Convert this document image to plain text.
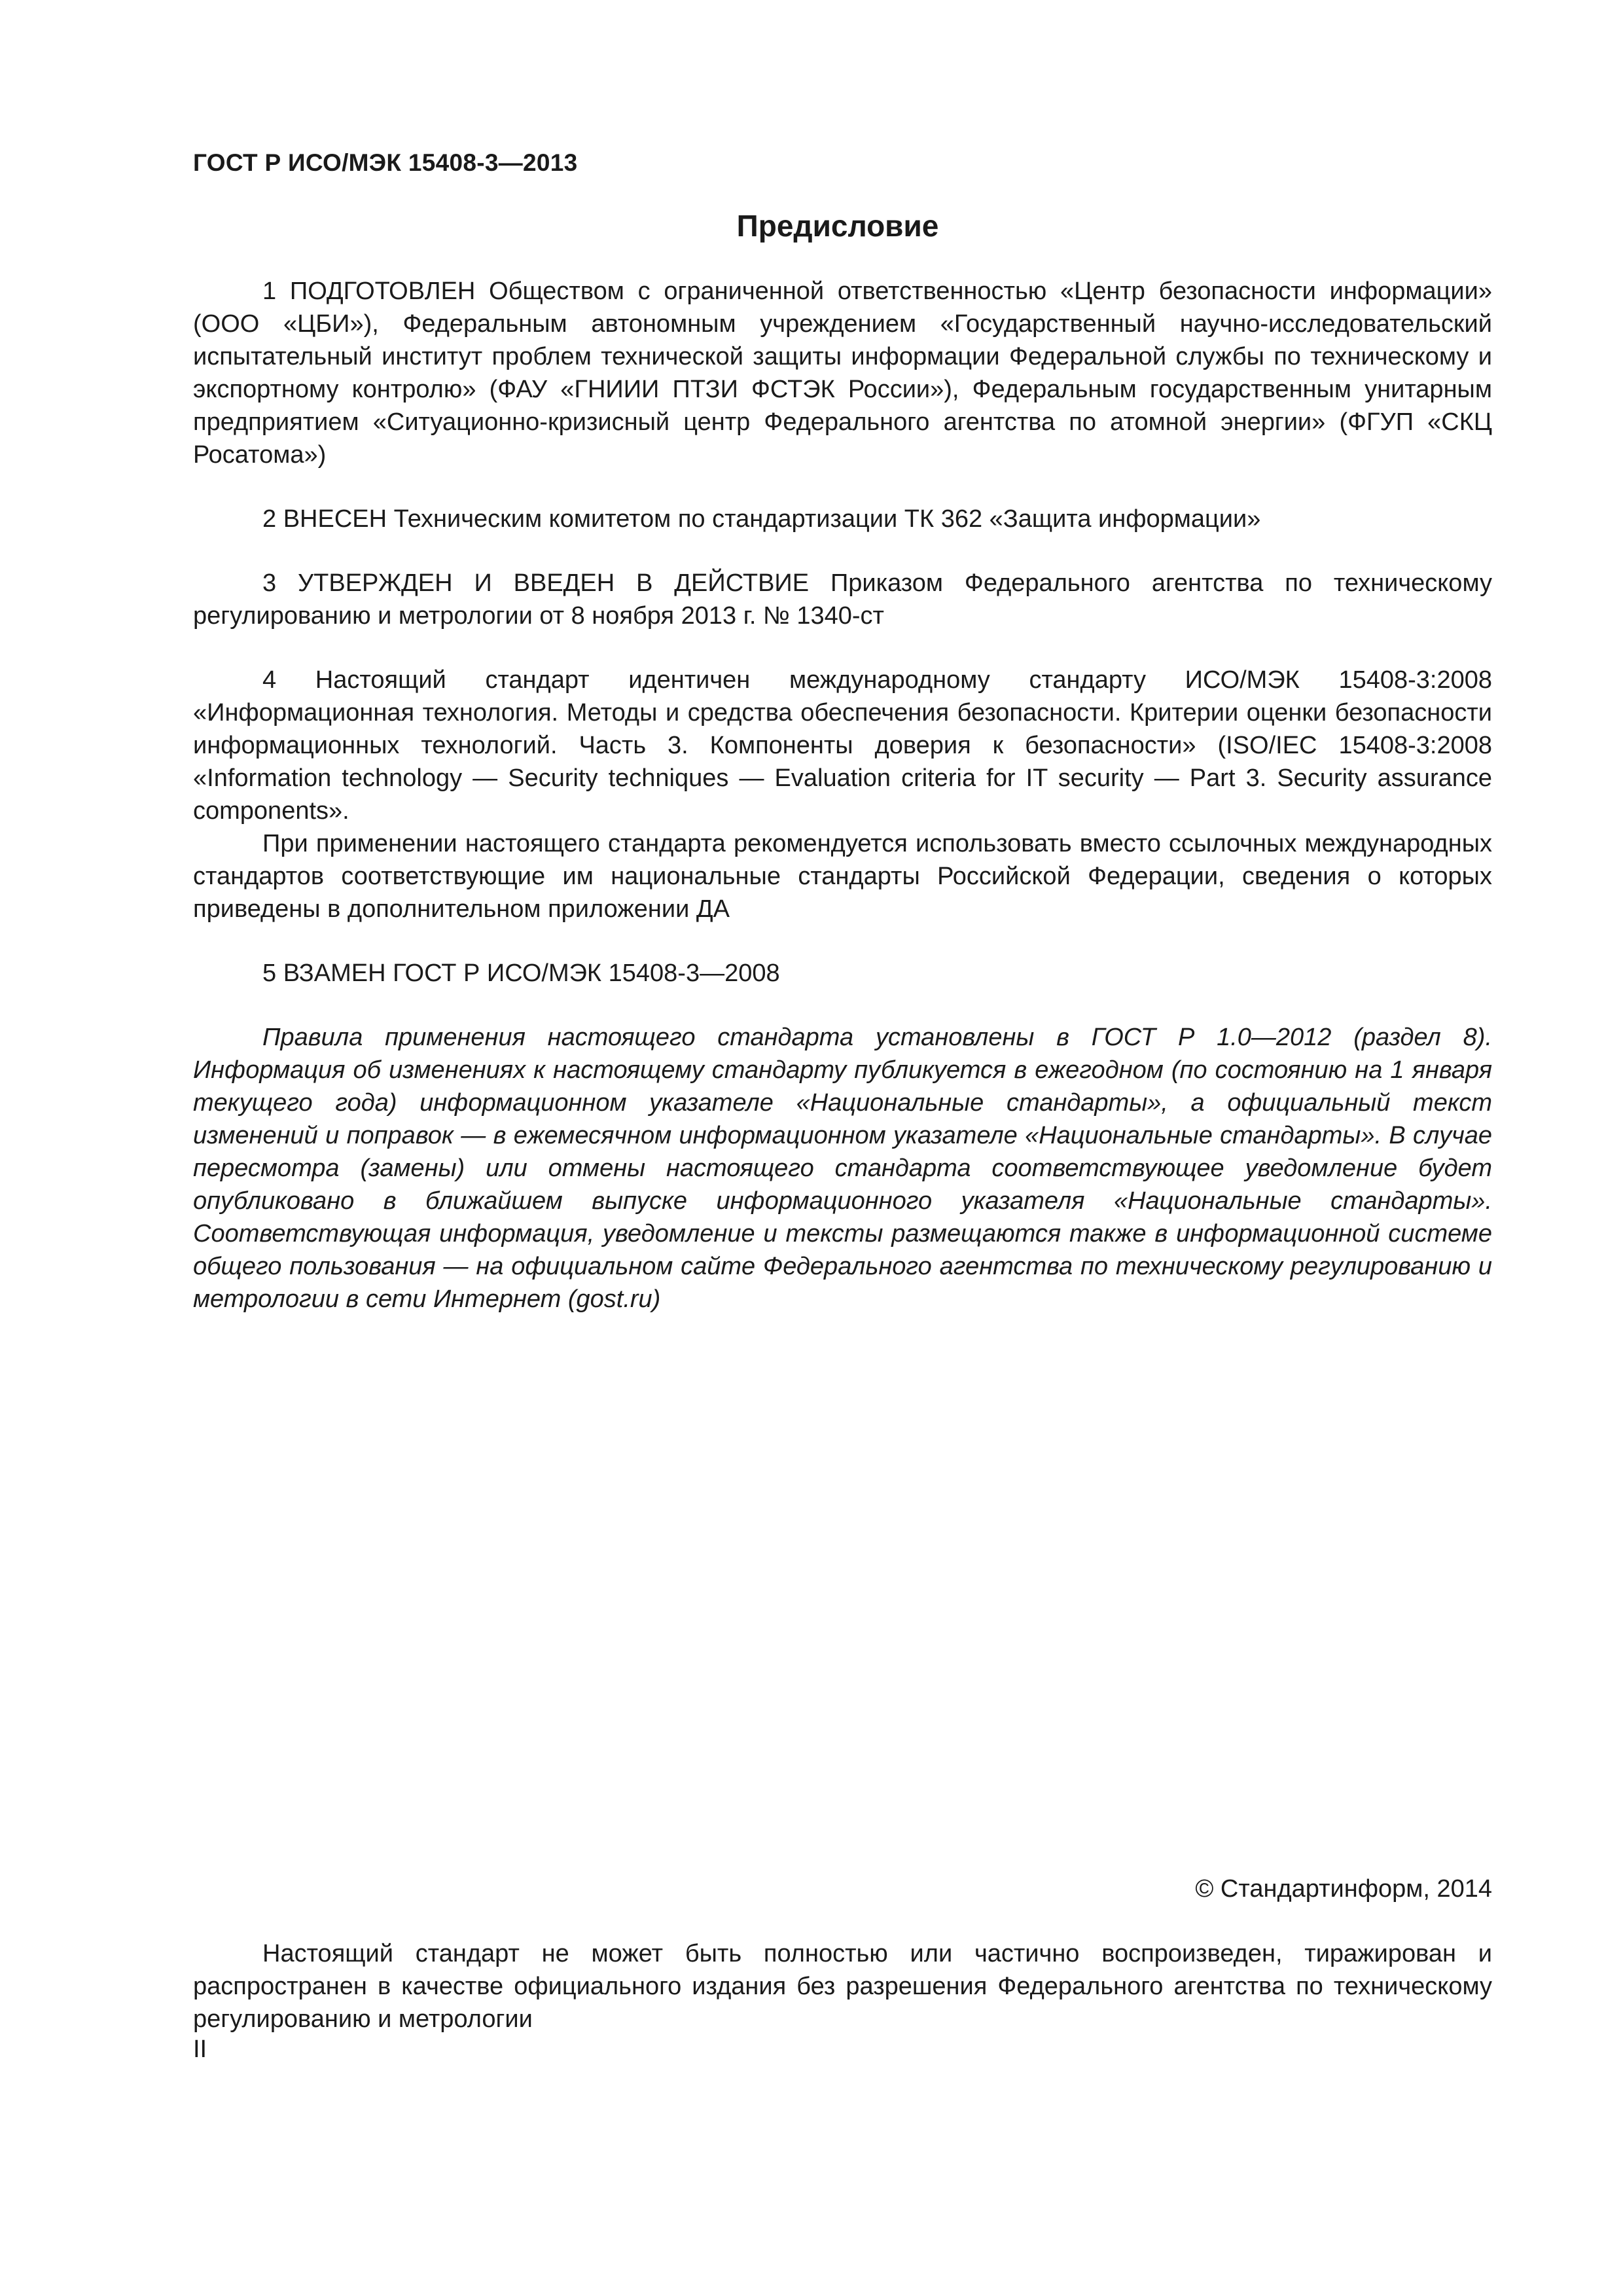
ГОСТ Р ИСО/МЭК 15408-3—2013
Предисловие

1 ПОДГОТОВЛЕН Обществом с ограниченной ответственностью «Центр безопасности информации» (ООО «ЦБИ»), Федеральным автономным учреждением «Государственный научно-исследовательский испытательный институт проблем технической защиты информации Федеральной службы по техническому и экспортному контролю» (ФАУ «ГНИИИ ПТЗИ ФСТЭК России»), Федеральным государственным унитарным предприятием «Ситуационно-кризисный центр Федерального агентства по атомной энергии» (ФГУП «СКЦ Росатома»)

2 ВНЕСЕН Техническим комитетом по стандартизации ТК 362 «Защита информации»

3 УТВЕРЖДЕН И ВВЕДЕН В ДЕЙСТВИЕ Приказом Федерального агентства по техническому регулированию и метрологии от 8 ноября 2013 г. № 1340-ст

4 Настоящий стандарт идентичен международному стандарту ИСО/МЭК 15408-3:2008 «Информационная технология. Методы и средства обеспечения безопасности. Критерии оценки безопасности информационных технологий. Часть 3. Компоненты доверия к безопасности» (ISO/IEC 15408-3:2008 «Information technology — Security techniques — Evaluation criteria for IT security — Part 3. Security assurance components».

При применении настоящего стандарта рекомендуется использовать вместо ссылочных международных стандартов соответствующие им национальные стандарты Российской Федерации, сведения о которых приведены в дополнительном приложении ДА

5 ВЗАМЕН ГОСТ Р ИСО/МЭК 15408-3—2008

Правила применения настоящего стандарта установлены в ГОСТ Р 1.0—2012 (раздел 8). Информация об изменениях к настоящему стандарту публикуется в ежегодном (по состоянию на 1 января текущего года) информационном указателе «Национальные стандарты», а официальный текст изменений и поправок — в ежемесячном информационном указателе «Национальные стандарты». В случае пересмотра (замены) или отмены настоящего стандарта соответствующее уведомление будет опубликовано в ближайшем выпуске информационного указателя «Национальные стандарты». Соответствующая информация, уведомление и тексты размещаются также в информационной системе общего пользования — на официальном сайте Федерального агентства по техническому регулированию и метрологии в сети Интернет (gost.ru)

© Стандартинформ, 2014

Настоящий стандарт не может быть полностью или частично воспроизведен, тиражирован и распространен в качестве официального издания без разрешения Федерального агентства по техническому регулированию и метрологии

II
